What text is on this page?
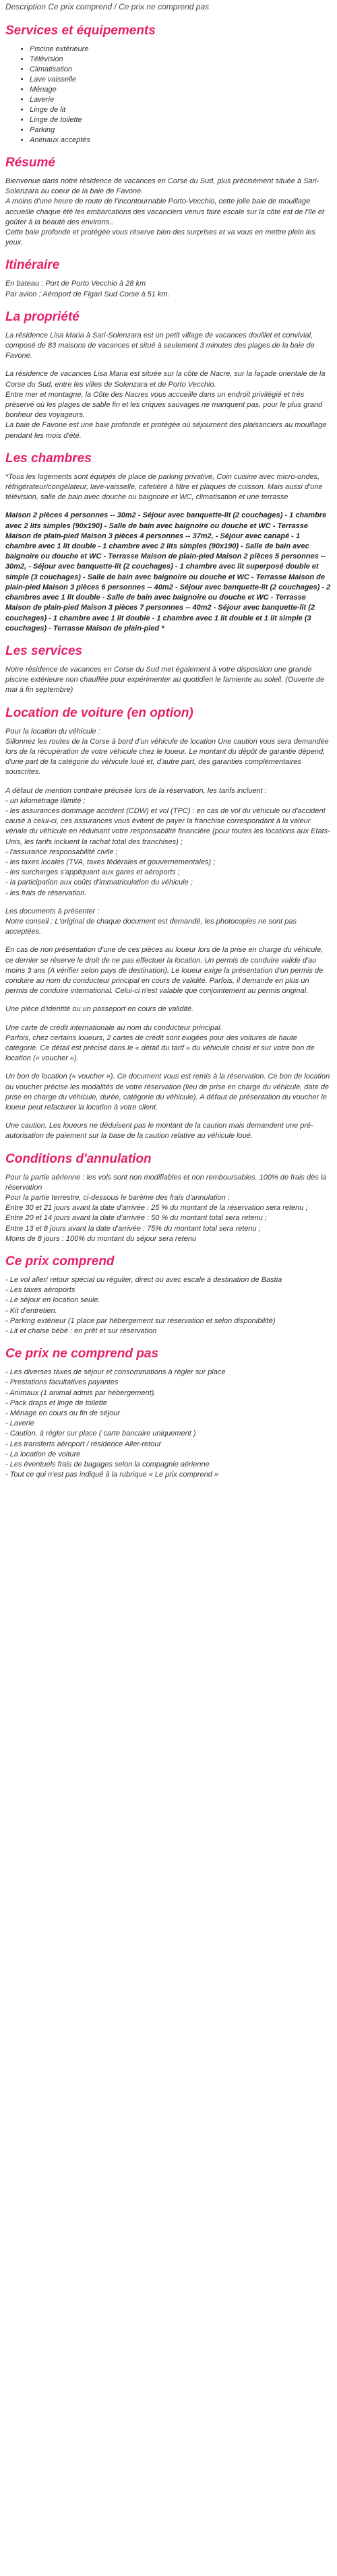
Description Ce prix comprend / Ce prix ne comprend pas
Services et équipements
• Piscine extérieure
• Télévision
• Climatisation
• Lave vaisselle
• Ménage
• Laverie
• Linge de lit
• Linge de toilette
• Parking
• Animaux acceptés
Résumé

Bienvenue dans notre résidence de vacances en Corse du Sud, plus précisément située à Sari-Solenzara au coeur de la baie de Favone.
A moins d'une heure de route de l'incontournable Porto-Vecchio, cette jolie baie de mouillage accueille chaque été les embarcations des vacanciers venus faire escale sur la côte est de l'île et goûter à la beauté des environs..
Cette baie profonde et protégée vous réserve bien des surprises et va vous en mettre plein les yeux.

Itinéraire

En bateau : Port de Porto Vecchio à 28 km
Par avion : Aéroport de Figari Sud Corse à 51 km.

La propriété

La résidence Lisa Maria à Sari-Solenzara est un petit village de vacances douillet et convivial, composé de 83 maisons de vacances et situé à seulement 3 minutes des plages de la baie de Favone.

La résidence de vacances Lisa Maria est située sur la côte de Nacre, sur la façade orientale de la Corse du Sud, entre les villes de Solenzara et de Porto Vecchio.
Entre mer et montagne, la Côte des Nacres vous accueille dans un endroit privilégié et très préservé où les plages de sable fin et les criques sauvages ne manquent pas, pour le plus grand bonheur des voyageurs.
La baie de Favone est une baie profonde et protégée où séjournent des plaisanciers au mouillage pendant les mois d'été.

Les chambres

*Tous les logements sont équipés de place de parking privative, Coin cuisine avec micro-ondes, réfrigérateur/congélateur, lave-vaisselle, cafetière à filtre et plaques de cuisson. Mais aussi d'une télévision, salle de bain avec douche ou baignoire et WC, climatisation et une terrasse

Maison 2 pièces 4 personnes -- 30m2 - Séjour avec banquette-lit (2 couchages) - 1 chambre avec 2 lits simples (90x190) - Salle de bain avec baignoire ou douche et WC - Terrasse Maison de plain-pied Maison 3 pièces 4 personnes -- 37m2, - Séjour avec canapé - 1 chambre avec 1 lit double - 1 chambre avec 2 lits simples (90x190) - Salle de bain avec baignoire ou douche et WC - Terrasse Maison de plain-pied Maison 2 pièces 5 personnes -- 30m2, - Séjour avec banquette-lit (2 couchages) - 1 chambre avec lit superposé double et simple (3 couchages) - Salle de bain avec baignoire ou douche et WC - Terrasse Maison de plain-pied Maison 3 pièces 6 personnes -- 40m2 - Séjour avec banquette-lit (2 couchages) - 2 chambres avec 1 lit double - Salle de bain avec baignoire ou douche et WC - Terrasse Maison de plain-pied Maison 3 pièces 7 personnes -- 40m2 - Séjour avec banquette-lit (2 couchages) - 1 chambre avec 1 lit double - 1 chambre avec 1 lit double et 1 lit simple (3 couchages) - Terrasse Maison de plain-pied *

Les services

Notre résidence de vacances en Corse du Sud met également à votre disposition une grande piscine extérieure non chauffée pour expérimenter au quotidien le farniente au soleil. (Ouverte de mai à fin septembre)

Location de voiture (en option)

Pour la location du véhicule :
Sillonnez les routes de la Corse à bord d'un véhicule de location Une caution vous sera demandée lors de la récupération de votre véhicule chez le loueur. Le montant du dépôt de garantie dépend, d'une part de la catégorie du véhicule loué et, d'autre part, des garanties complémentaires souscrites.

A défaut de mention contraire précisée lors de la réservation, les tarifs incluent :
- un kilométrage illimité ;
- les assurances dommage accident (CDW) et vol (TPC) : en cas de vol du véhicule ou d'accident causé à celui-ci, ces assurances vous évitent de payer la franchise correspondant à la valeur vénale du véhicule en réduisant votre responsabilité financière (pour toutes les locations aux Etats-Unis, les tarifs incluent la rachat total des franchises) ;
- l'assurance responsabilité civile ;
- les taxes locales (TVA, taxes fédérales et gouvernementales) ;
- les surcharges s'appliquant aux gares et aéroports ;
- la participation aux coûts d'immatriculation du véhicule ;
- les frais de réservation.

Les documents à présenter :
Notre conseil : L'original de chaque document est demandé, les photocopies ne sont pas acceptées.

En cas de non présentation d'une de ces pièces au loueur lors de la prise en charge du véhicule, ce dernier se réserve le droit de ne pas effectuer la location. Un permis de conduire valide d'au moins 3 ans (A vérifier selon pays de destination). Le loueur exige la présentation d'un permis de conduire au nom du conducteur principal en cours de validité. Parfois, il demande en plus un permis de conduire international. Celui-ci n'est valable que conjointement au permis original.

Une pièce d'identité ou un passeport en cours de validité.

Une carte de crédit internationale au nom du conducteur principal.
Parfois, chez certains loueurs, 2 cartes de crédit sont exigées pour des voitures de haute catégorie. Ce détail est précisé dans le « détail du tarif » du véhicule choisi et sur votre bon de location (« voucher »).

Un bon de location (« voucher »). Ce document vous est remis à la réservation. Ce bon de location ou voucher précise les modalités de votre réservation (lieu de prise en charge du véhicule, date de prise en charge du véhicule, durée, catégorie du véhicule). A défaut de présentation du voucher le loueur peut refacturer la location à votre client.

Une caution. Les loueurs ne déduisent pas le montant de la caution mais demandent une pré-autorisation de paiement sur la base de la caution relative au véhicule loué.

Conditions d'annulation

Pour la partie aérienne : les vols sont non modifiables et non remboursables. 100% de frais dès la réservation
Pour la partie terrestre, ci-dessous le barème des frais d'annulation :
Entre 30 et 21 jours avant la date d'arrivée : 25 % du montant de la réservation sera retenu ;
Entre 20 et 14 jours avant la date d'arrivée : 50 % du montant total sera retenu ;
Entre 13 et 8 jours avant la date d'arrivée : 75% du montant total sera retenu ;
Moins de 8 jours : 100% du montant du séjour sera retenu

Ce prix comprend

- Le vol aller/ retour spécial ou régulier, direct ou avec escale à destination de Bastia
- Les taxes aéroports
- Le séjour en location seule.
- Kit d'entretien.
- Parking extérieur (1 place par hébergement sur réservation et selon disponibilité)
- Lit et chaise bébé : en prêt et sur réservation

Ce prix ne comprend pas

- Les diverses taxes de séjour et consommations à régler sur place
- Prestations facultatives payantes
- Animaux (1 animal admis par hébergement).
- Pack draps et linge de toilette
- Ménage en cours ou fin de séjour
- Laverie
- Caution, à régler sur place ( carte bancaire uniquement )
- Les transferts aéroport / résidence Aller-retour
- La location de voiture
- Les éventuels frais de bagages selon la compagnie aérienne
- Tout ce qui n'est pas indiqué à la rubrique « Le prix comprend »
